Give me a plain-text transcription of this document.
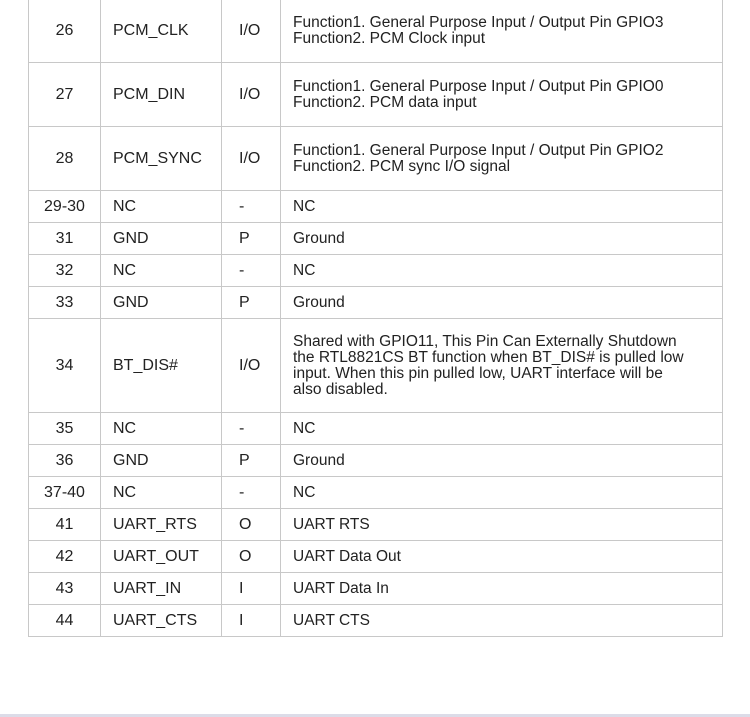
26	PCM_CLK	I/O	Function1. General Purpose Input / Output Pin GPIO3
Function2. PCM Clock input

27	PCM_DIN	I/O	Function1. General Purpose Input / Output Pin GPIO0
Function2. PCM data input

28	PCM_SYNC	I/O	Function1. General Purpose Input / Output Pin GPIO2
Function2. PCM sync I/O signal

29-30	NC	-	NC

31	GND	P	Ground

32	NC	-	NC

33	GND	P	Ground

34	BT_DIS#	I/O	Shared with GPIO11, This Pin Can Externally Shutdown
the RTL8821CS BT function when BT_DIS# is pulled low
input. When this pin pulled low, UART interface will be
also disabled.

35	NC	-	NC

36	GND	P	Ground

37-40	NC	-	NC

41	UART_RTS	O	UART RTS

42	UART_OUT	O	UART Data Out

43	UART_IN	I	UART Data In

44	UART_CTS	I	UART CTS
